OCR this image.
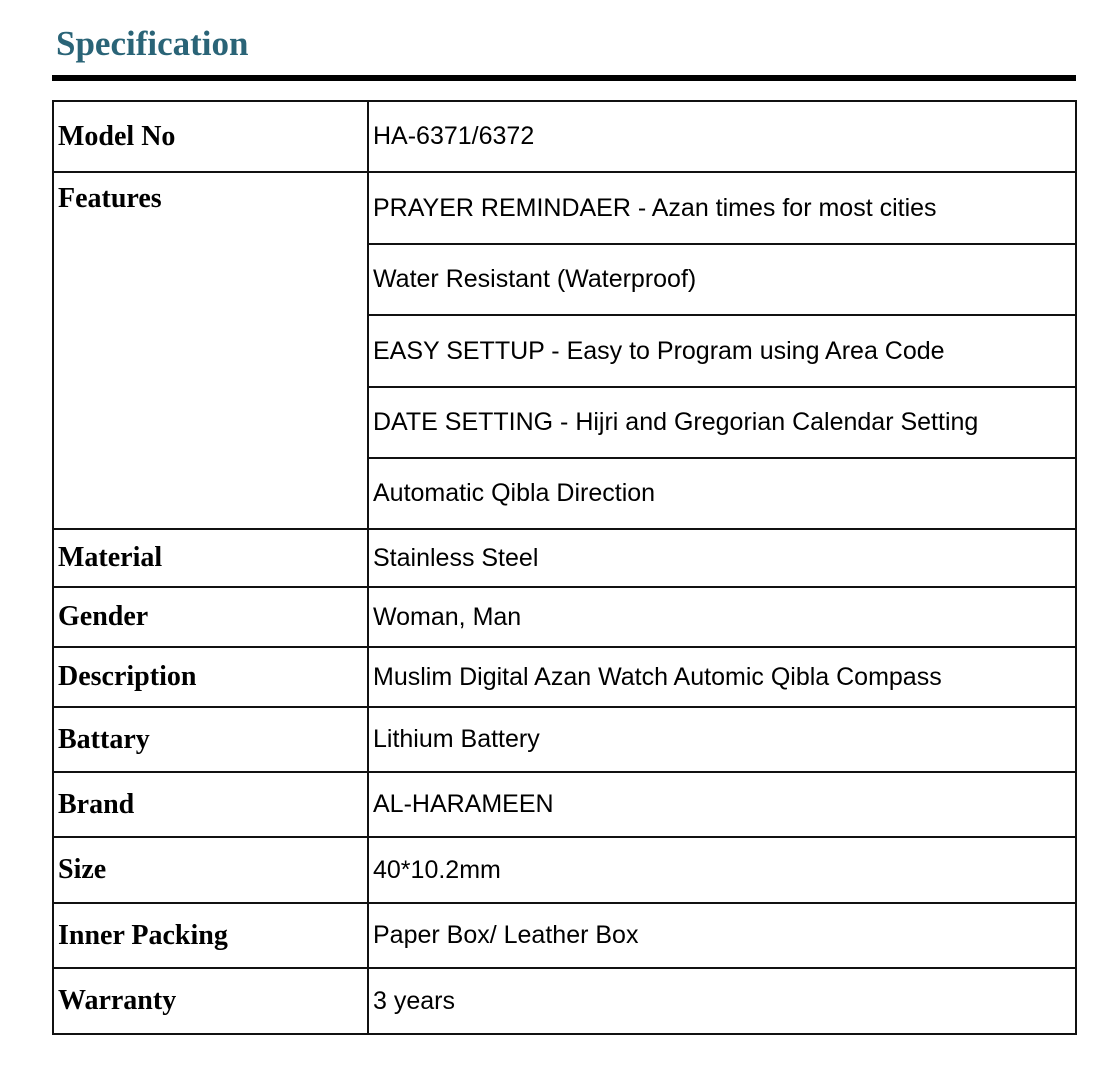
Specification
Model No	HA-6371/6372
Features	PRAYER REMINDAER - Azan times for most cities
	Water Resistant (Waterproof)
	EASY SETTUP - Easy to Program using Area Code
	DATE SETTING - Hijri and Gregorian Calendar Setting
	Automatic Qibla Direction
Material	Stainless Steel
Gender	Woman, Man
Description	Muslim Digital Azan Watch Automic Qibla Compass
Battary	Lithium Battery
Brand	AL-HARAMEEN
Size	40*10.2mm
Inner Packing	Paper Box/ Leather Box
Warranty	3 years
